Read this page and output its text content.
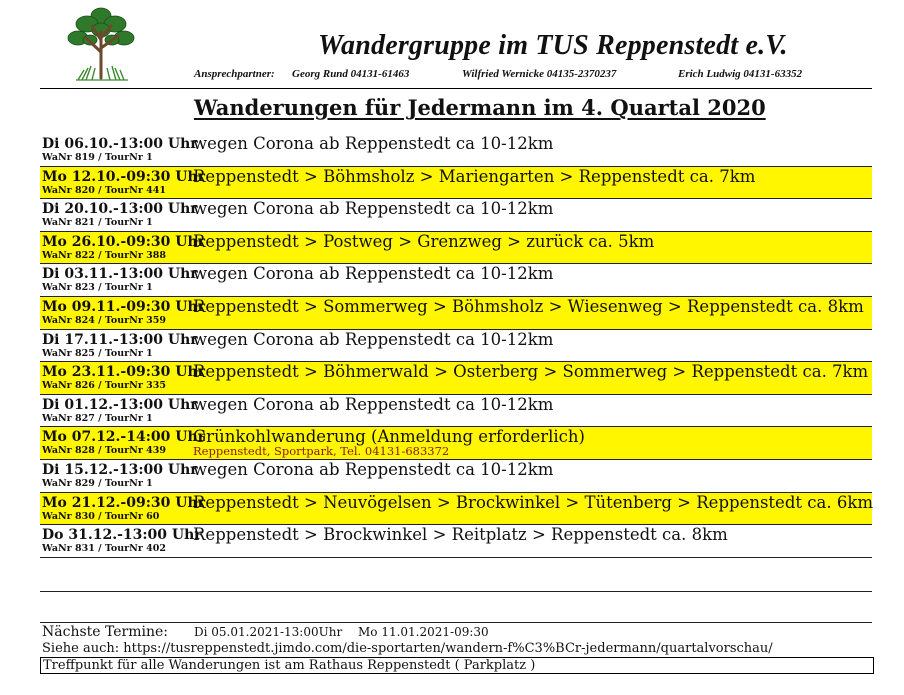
Wandergruppe im TUS Reppenstedt e.V.
Ansprechpartner: Georg Rund 04131-61463	Wilfried Wernicke 04135-2370237	Erich Ludwig 04131-63352
Wanderungen für Jedermann im 4. Quartal 2020
Di 06.10.-13:00 Uhr
WaNr 819 / TourNr 1
wegen Corona ab Reppenstedt ca 10-12km
Mo 12.10.-09:30 Uhr
WaNr 820 / TourNr 441
Reppenstedt > Böhmsholz > Mariengarten > Reppenstedt ca. 7km
Di 20.10.-13:00 Uhr
WaNr 821 / TourNr 1
wegen Corona ab Reppenstedt ca 10-12km
Mo 26.10.-09:30 Uhr
WaNr 822 / TourNr 388
Reppenstedt > Postweg > Grenzweg > zurück ca. 5km
Di 03.11.-13:00 Uhr
WaNr 823 / TourNr 1
wegen Corona ab Reppenstedt ca 10-12km
Mo 09.11.-09:30 Uhr
WaNr 824 / TourNr 359
Reppenstedt > Sommerweg > Böhmsholz > Wiesenweg > Reppenstedt ca. 8km
Di 17.11.-13:00 Uhr
WaNr 825 / TourNr 1
wegen Corona ab Reppenstedt ca 10-12km
Mo 23.11.-09:30 Uhr
WaNr 826 / TourNr 335
Reppenstedt > Böhmerwald > Osterberg > Sommerweg > Reppenstedt ca. 7km
Di 01.12.-13:00 Uhr
WaNr 827 / TourNr 1
wegen Corona ab Reppenstedt ca 10-12km
Mo 07.12.-14:00 Uhr
WaNr 828 / TourNr 439
Grünkohlwanderung (Anmeldung erforderlich)
Reppenstedt, Sportpark, Tel. 04131-683372
Di 15.12.-13:00 Uhr
WaNr 829 / TourNr 1
wegen Corona ab Reppenstedt ca 10-12km
Mo 21.12.-09:30 Uhr
WaNr 830 / TourNr 60
Reppenstedt > Neuvögelsen > Brockwinkel > Tütenberg > Reppenstedt ca. 6km
Do 31.12.-13:00 Uhr
WaNr 831 / TourNr 402
Reppenstedt > Brockwinkel > Reitplatz > Reppenstedt ca. 8km
Nächste Termine: Di 05.01.2021-13:00Uhr Mo 11.01.2021-09:30
Siehe auch: https://tusreppenstedt.jimdo.com/die-sportarten/wandern-f%C3%BCr-jedermann/quartalvorschau/
Treffpunkt für alle Wanderungen ist am Rathaus Reppenstedt ( Parkplatz )
